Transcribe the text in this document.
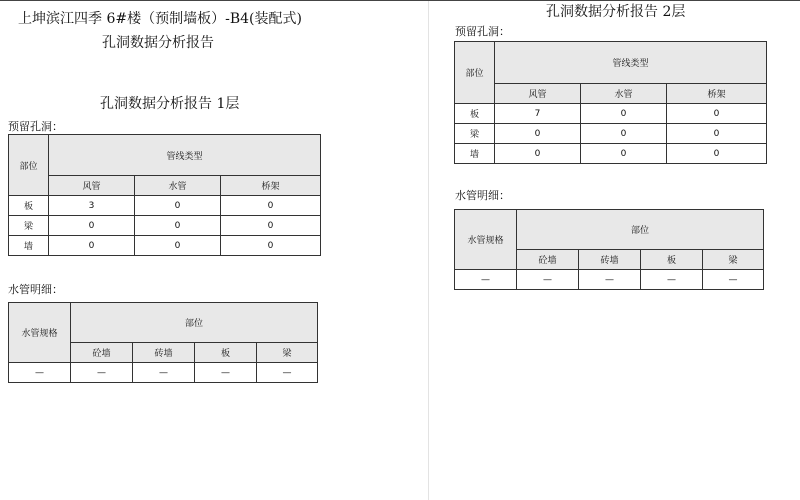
上坤滨江四季 6#楼（预制墙板）-B4(装配式)
孔洞数据分析报告
孔洞数据分析报告 1层
预留孔洞：
部位	管线类型		
	风管	水管	桥架
板	3	0	0
梁	0	0	0
墙	0	0	0
水管明细：
水管规格	部位			
	砼墙	砖墙	板	梁
—	—	—	—	—
孔洞数据分析报告 2层
预留孔洞：
部位	管线类型		
	风管	水管	桥架
板	7	0	0
梁	0	0	0
墙	0	0	0
水管明细：
水管规格	部位			
	砼墙	砖墙	板	梁
—	—	—	—	—
